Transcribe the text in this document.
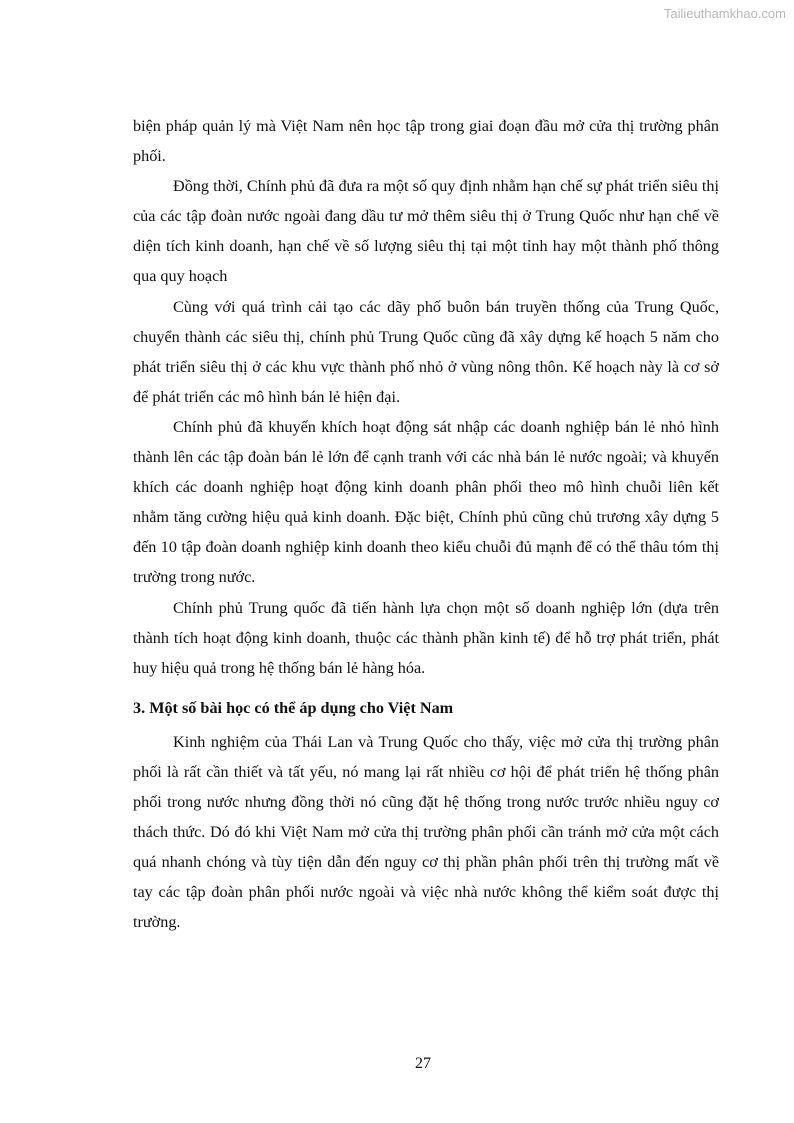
Tailieuthamkhao.com

biện pháp quản lý mà Việt Nam nên học tập trong giai đoạn đầu mở cửa thị trường phân phối.

Đồng thời, Chính phủ đã đưa ra một số quy định nhằm hạn chế sự phát triển siêu thị của các tập đoàn nước ngoài đang dầu tư mở thêm siêu thị ở Trung Quốc như hạn chế về diện tích kinh doanh, hạn chế về số lượng siêu thị tại một tỉnh hay một thành phố thông qua quy hoạch

Cùng với quá trình cải tạo các dãy phố buôn bán truyền thống của Trung Quốc, chuyển thành các siêu thị, chính phủ Trung Quốc cũng đã xây dựng kế hoạch 5 năm cho phát triển siêu thị ở các khu vực thành phố nhỏ ở vùng nông thôn. Kế hoạch này là cơ sở để phát triển các mô hình bán lẻ hiện đại.

Chính phủ đã khuyến khích hoạt động sát nhập các doanh nghiệp bán lẻ nhỏ hình thành lên các tập đoàn bán lẻ lớn để cạnh tranh với các nhà bán lẻ nước ngoài; và khuyến khích các doanh nghiệp hoạt động kinh doanh phân phối theo mô hình chuỗi liên kết nhằm tăng cường hiệu quả kinh doanh. Đặc biệt, Chính phủ cũng chủ trương xây dựng 5 đến 10 tập đoàn doanh nghiệp kinh doanh theo kiểu chuỗi đủ mạnh để có thể thâu tóm thị trường trong nước.

Chính phủ Trung quốc đã tiến hành lựa chọn một số doanh nghiệp lớn (dựa trên thành tích hoạt động kinh doanh, thuộc các thành phần kinh tế) để hỗ trợ phát triển, phát huy hiệu quả trong hệ thống bán lẻ hàng hóa.

3. Một số bài học có thể áp dụng cho Việt Nam

Kinh nghiệm của Thái Lan và Trung Quốc cho thấy, việc mở cửa thị trường phân phối là rất cần thiết và tất yếu, nó mang lại rất nhiều cơ hội để phát triển hệ thống phân phối trong nước nhưng đồng thời nó cũng đặt hệ thống trong nước trước nhiều nguy cơ thách thức. Dó đó khi Việt Nam mở cửa thị trường phân phối cần tránh mở cửa một cách quá nhanh chóng và tùy tiện dẫn đến nguy cơ thị phần phân phối trên thị trường mất về tay các tập đoàn phân phối nước ngoài và việc nhà nước không thể kiểm soát được thị trường.

27
